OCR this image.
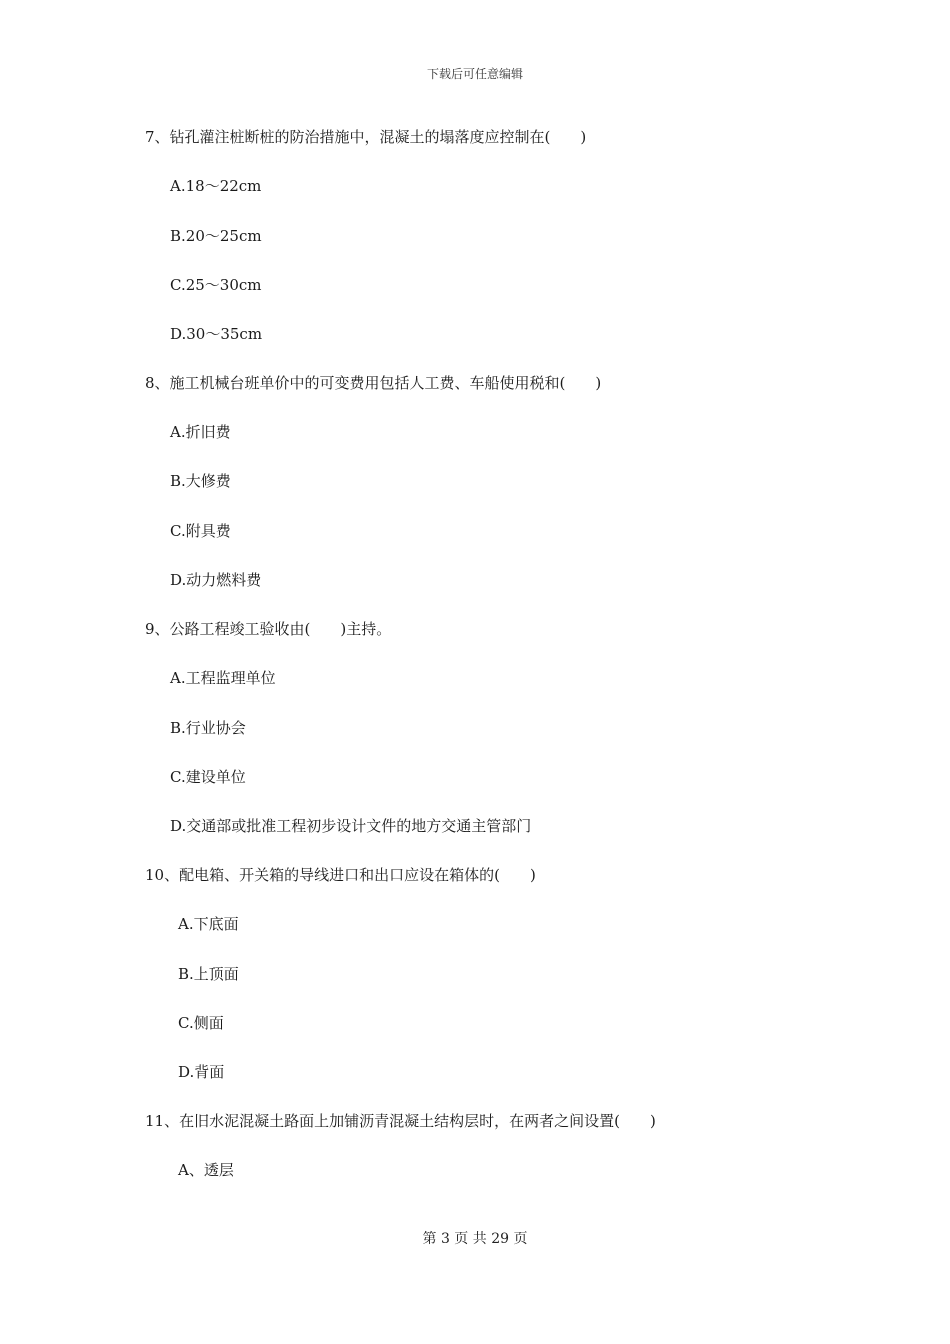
下载后可任意编辑
7、钻孔灌注桩断桩的防治措施中，混凝土的塌落度应控制在(　　)
A.18～22cm
B.20～25cm
C.25～30cm
D.30～35cm
8、施工机械台班单价中的可变费用包括人工费、车船使用税和(　　)
A.折旧费
B.大修费
C.附具费
D.动力燃料费
9、公路工程竣工验收由(　　)主持。
A.工程监理单位
B.行业协会
C.建设单位
D.交通部或批准工程初步设计文件的地方交通主管部门
10、配电箱、开关箱的导线进口和出口应设在箱体的(　　)
A.下底面
B.上顶面
C.侧面
D.背面
11、在旧水泥混凝土路面上加铺沥青混凝土结构层时，在两者之间设置(　　)
A、透层
第 3 页 共 29 页
